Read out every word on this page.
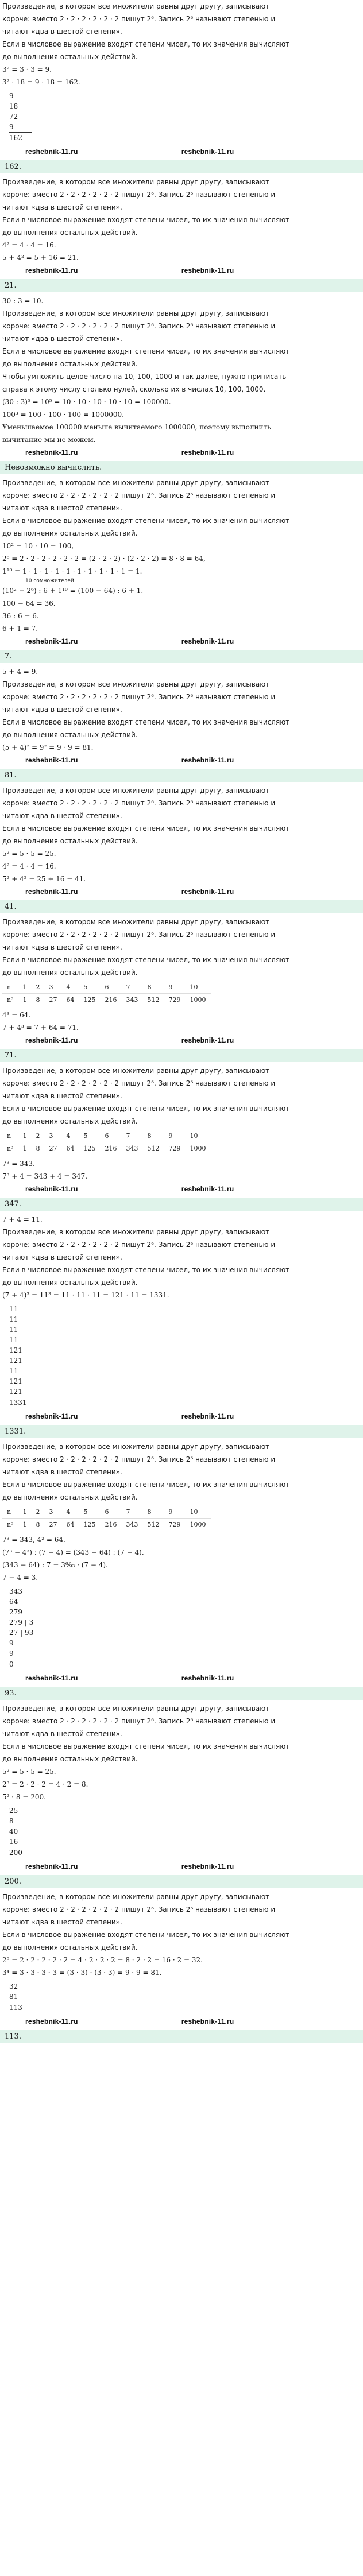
Произведение, в котором все множители равны друг другу, записывают

короче: вместо 2 · 2 · 2 · 2 · 2 · 2 пишут 2⁶. Запись 2⁶ называют степенью и

читают «два в шестой степени».

Если в числовое выражение входят степени чисел, то их значения вычисляют

до выполнения остальных действий.

3² = 3 · 3 = 9.

3² · 18 = 9 · 18 = 162.

9
18
72
9
162

reshebnik-11.ru	reshebnik-11.ru

162.

Произведение, в котором все множители равны друг другу, записывают

короче: вместо 2 · 2 · 2 · 2 · 2 · 2 пишут 2⁶. Запись 2⁶ называют степенью и

читают «два в шестой степени».

Если в числовое выражение входят степени чисел, то их значения вычисляют

до выполнения остальных действий.

4² = 4 · 4 = 16.

5 + 4² = 5 + 16 = 21.

reshebnik-11.ru	reshebnik-11.ru

21.

30 : 3 = 10.

Произведение, в котором все множители равны друг другу, записывают

короче: вместо 2 · 2 · 2 · 2 · 2 · 2 пишут 2⁶. Запись 2⁶ называют степенью и

читают «два в шестой степени».

Если в числовое выражение входят степени чисел, то их значения вычисляют

до выполнения остальных действий.

Чтобы умножить целое число на 10, 100, 1000 и так далее, нужно приписать

справа к этому числу столько нулей, сколько их в числах 10, 100, 1000.

(30 : 3)⁵ = 10⁵ = 10 · 10 · 10 · 10 · 10 = 100000.

100³ = 100 · 100 · 100 = 1000000.

Уменьшаемое 100000 меньше вычитаемого 1000000, поэтому выполнить

вычитание мы не можем.

reshebnik-11.ru	reshebnik-11.ru

Невозможно вычислить.

Произведение, в котором все множители равны друг другу, записывают

короче: вместо 2 · 2 · 2 · 2 · 2 · 2 пишут 2⁶. Запись 2⁶ называют степенью и

читают «два в шестой степени».

Если в числовое выражение входят степени чисел, то их значения вычисляют

до выполнения остальных действий.

10² = 10 · 10 = 100,

2⁶ = 2 · 2 · 2 · 2 · 2 · 2 = (2 · 2 · 2) · (2 · 2 · 2) = 8 · 8 = 64,

1¹⁰ = 1 · 1 · 1 · 1 · 1 · 1 · 1 · 1 · 1 · 1 = 1.

10 сомножителей

(10² − 2⁶) : 6 + 1¹⁰ = (100 − 64) : 6 + 1.

100 − 64 = 36.

36 : 6 = 6.

6 + 1 = 7.

reshebnik-11.ru	reshebnik-11.ru

7.

5 + 4 = 9.

Произведение, в котором все множители равны друг другу, записывают

короче: вместо 2 · 2 · 2 · 2 · 2 · 2 пишут 2⁶. Запись 2⁶ называют степенью и

читают «два в шестой степени».

Если в числовое выражение входят степени чисел, то их значения вычисляют

до выполнения остальных действий.

(5 + 4)² = 9² = 9 · 9 = 81.

reshebnik-11.ru	reshebnik-11.ru

81.

Произведение, в котором все множители равны друг другу, записывают

короче: вместо 2 · 2 · 2 · 2 · 2 · 2 пишут 2⁶. Запись 2⁶ называют степенью и

читают «два в шестой степени».

Если в числовое выражение входят степени чисел, то их значения вычисляют

до выполнения остальных действий.

5² = 5 · 5 = 25.

4² = 4 · 4 = 16.

5² + 4² = 25 + 16 = 41.

reshebnik-11.ru	reshebnik-11.ru

41.

Произведение, в котором все множители равны друг другу, записывают

короче: вместо 2 · 2 · 2 · 2 · 2 · 2 пишут 2⁶. Запись 2⁶ называют степенью и

читают «два в шестой степени».

Если в числовое выражение входят степени чисел, то их значения вычисляют

до выполнения остальных действий.

n	1	2	3	4	5	6	7	8	9	10
n³	1	8	27	64	125	216	343	512	729	1000

4³ = 64.

7 + 4³ = 7 + 64 = 71.

reshebnik-11.ru	reshebnik-11.ru

71.

Произведение, в котором все множители равны друг другу, записывают

короче: вместо 2 · 2 · 2 · 2 · 2 · 2 пишут 2⁶. Запись 2⁶ называют степенью и

читают «два в шестой степени».

Если в числовое выражение входят степени чисел, то их значения вычисляют

до выполнения остальных действий.

n	1	2	3	4	5	6	7	8	9	10
n³	1	8	27	64	125	216	343	512	729	1000

7³ = 343.

7³ + 4 = 343 + 4 = 347.

reshebnik-11.ru	reshebnik-11.ru

347.

7 + 4 = 11.

Произведение, в котором все множители равны друг другу, записывают

короче: вместо 2 · 2 · 2 · 2 · 2 · 2 пишут 2⁶. Запись 2⁶ называют степенью и

читают «два в шестой степени».

Если в числовое выражение входят степени чисел, то их значения вычисляют

до выполнения остальных действий.

(7 + 4)³ = 11³ = 11 · 11 · 11 = 121 · 11 = 1331.

11
11
11
11
121
121
11
121
121
1331

reshebnik-11.ru	reshebnik-11.ru

1331.

Произведение, в котором все множители равны друг другу, записывают

короче: вместо 2 · 2 · 2 · 2 · 2 · 2 пишут 2⁶. Запись 2⁶ называют степенью и

читают «два в шестой степени».

Если в числовое выражение входят степени чисел, то их значения вычисляют

до выполнения остальных действий.

n	1	2	3	4	5	6	7	8	9	10
n³	1	8	27	64	125	216	343	512	729	1000

7³ = 343, 4² = 64.

(7³ − 4³) : (7 − 4) = (343 − 64) : (7 − 4).

(343 − 64) : 7 = 3⁶⁄₉₃ · (7 − 4).

7 − 4 = 3.

343
64
279
279 | 3
27 | 93
9
9
0

reshebnik-11.ru	reshebnik-11.ru

93.

Произведение, в котором все множители равны друг другу, записывают

короче: вместо 2 · 2 · 2 · 2 · 2 · 2 пишут 2⁶. Запись 2⁶ называют степенью и

читают «два в шестой степени».

Если в числовое выражение входят степени чисел, то их значения вычисляют

до выполнения остальных действий.

5² = 5 · 5 = 25.

2³ = 2 · 2 · 2 = 4 · 2 = 8.

5² · 8 = 200.

25
8
40
16
200

reshebnik-11.ru	reshebnik-11.ru

200.

Произведение, в котором все множители равны друг другу, записывают

короче: вместо 2 · 2 · 2 · 2 · 2 · 2 пишут 2⁶. Запись 2⁶ называют степенью и

читают «два в шестой степени».

Если в числовое выражение входят степени чисел, то их значения вычисляют

до выполнения остальных действий.

2⁵ = 2 · 2 · 2 · 2 · 2 = 4 · 2 · 2 · 2 = 8 · 2 · 2 = 16 · 2 = 32.

3⁴ = 3 · 3 · 3 · 3 = (3 · 3) · (3 · 3) = 9 · 9 = 81.

32
81
113

reshebnik-11.ru	reshebnik-11.ru

113.
